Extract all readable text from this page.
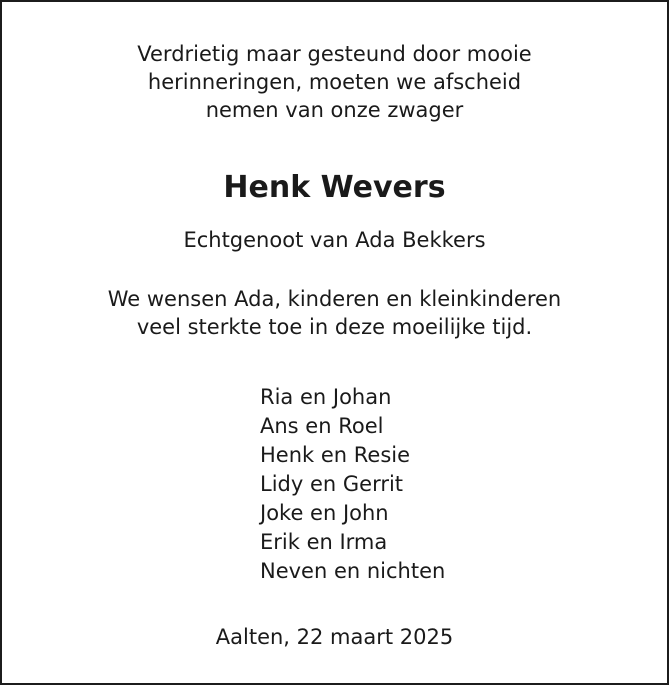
Verdrietig maar gesteund door mooie
herinneringen, moeten we afscheid
nemen van onze zwager
Henk Wevers
Echtgenoot van Ada Bekkers
We wensen Ada, kinderen en kleinkinderen
veel sterkte toe in deze moeilijke tijd.
Ria en Johan
Ans en Roel
Henk en Resie
Lidy en Gerrit
Joke en John
Erik en Irma
Neven en nichten
Aalten, 22 maart 2025
